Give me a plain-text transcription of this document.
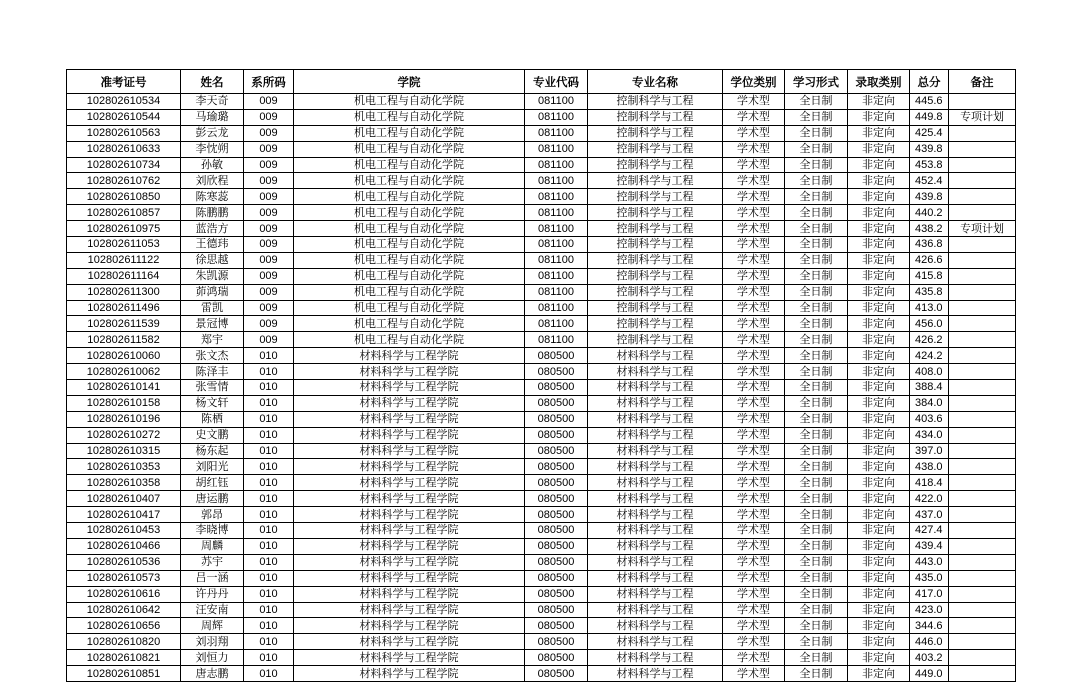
准考证号	姓名	系所码	学院	专业代码	专业名称	学位类别	学习形式	录取类别	总分	备注
102802610534	李天奇	009	机电工程与自动化学院	081100	控制科学与工程	学术型	全日制	非定向	445.6	
102802610544	马瑜璐	009	机电工程与自动化学院	081100	控制科学与工程	学术型	全日制	非定向	449.8	专项计划
102802610563	彭云龙	009	机电工程与自动化学院	081100	控制科学与工程	学术型	全日制	非定向	425.4	
102802610633	李忱朔	009	机电工程与自动化学院	081100	控制科学与工程	学术型	全日制	非定向	439.8	
102802610734	孙敏	009	机电工程与自动化学院	081100	控制科学与工程	学术型	全日制	非定向	453.8	
102802610762	刘欣程	009	机电工程与自动化学院	081100	控制科学与工程	学术型	全日制	非定向	452.4	
102802610850	陈寒蕊	009	机电工程与自动化学院	081100	控制科学与工程	学术型	全日制	非定向	439.8	
102802610857	陈鹏鹏	009	机电工程与自动化学院	081100	控制科学与工程	学术型	全日制	非定向	440.2	
102802610975	蓝浩方	009	机电工程与自动化学院	081100	控制科学与工程	学术型	全日制	非定向	438.2	专项计划
102802611053	王德玮	009	机电工程与自动化学院	081100	控制科学与工程	学术型	全日制	非定向	436.8	
102802611122	徐思越	009	机电工程与自动化学院	081100	控制科学与工程	学术型	全日制	非定向	426.6	
102802611164	朱凯源	009	机电工程与自动化学院	081100	控制科学与工程	学术型	全日制	非定向	415.8	
102802611300	茆鸿瑞	009	机电工程与自动化学院	081100	控制科学与工程	学术型	全日制	非定向	435.8	
102802611496	雷凯	009	机电工程与自动化学院	081100	控制科学与工程	学术型	全日制	非定向	413.0	
102802611539	景冠博	009	机电工程与自动化学院	081100	控制科学与工程	学术型	全日制	非定向	456.0	
102802611582	郑宇	009	机电工程与自动化学院	081100	控制科学与工程	学术型	全日制	非定向	426.2	
102802610060	张文杰	010	材料科学与工程学院	080500	材料科学与工程	学术型	全日制	非定向	424.2	
102802610062	陈泽丰	010	材料科学与工程学院	080500	材料科学与工程	学术型	全日制	非定向	408.0	
102802610141	张雪情	010	材料科学与工程学院	080500	材料科学与工程	学术型	全日制	非定向	388.4	
102802610158	杨文轩	010	材料科学与工程学院	080500	材料科学与工程	学术型	全日制	非定向	384.0	
102802610196	陈栖	010	材料科学与工程学院	080500	材料科学与工程	学术型	全日制	非定向	403.6	
102802610272	史文鹏	010	材料科学与工程学院	080500	材料科学与工程	学术型	全日制	非定向	434.0	
102802610315	杨东起	010	材料科学与工程学院	080500	材料科学与工程	学术型	全日制	非定向	397.0	
102802610353	刘阳光	010	材料科学与工程学院	080500	材料科学与工程	学术型	全日制	非定向	438.0	
102802610358	胡红钰	010	材料科学与工程学院	080500	材料科学与工程	学术型	全日制	非定向	418.4	
102802610407	唐运鹏	010	材料科学与工程学院	080500	材料科学与工程	学术型	全日制	非定向	422.0	
102802610417	郭昂	010	材料科学与工程学院	080500	材料科学与工程	学术型	全日制	非定向	437.0	
102802610453	李晓博	010	材料科学与工程学院	080500	材料科学与工程	学术型	全日制	非定向	427.4	
102802610466	周麟	010	材料科学与工程学院	080500	材料科学与工程	学术型	全日制	非定向	439.4	
102802610536	苏宇	010	材料科学与工程学院	080500	材料科学与工程	学术型	全日制	非定向	443.0	
102802610573	吕一涵	010	材料科学与工程学院	080500	材料科学与工程	学术型	全日制	非定向	435.0	
102802610616	许丹丹	010	材料科学与工程学院	080500	材料科学与工程	学术型	全日制	非定向	417.0	
102802610642	汪安南	010	材料科学与工程学院	080500	材料科学与工程	学术型	全日制	非定向	423.0	
102802610656	周辉	010	材料科学与工程学院	080500	材料科学与工程	学术型	全日制	非定向	344.6	
102802610820	刘羽翔	010	材料科学与工程学院	080500	材料科学与工程	学术型	全日制	非定向	446.0	
102802610821	刘恒力	010	材料科学与工程学院	080500	材料科学与工程	学术型	全日制	非定向	403.2	
102802610851	唐志鹏	010	材料科学与工程学院	080500	材料科学与工程	学术型	全日制	非定向	449.0	
